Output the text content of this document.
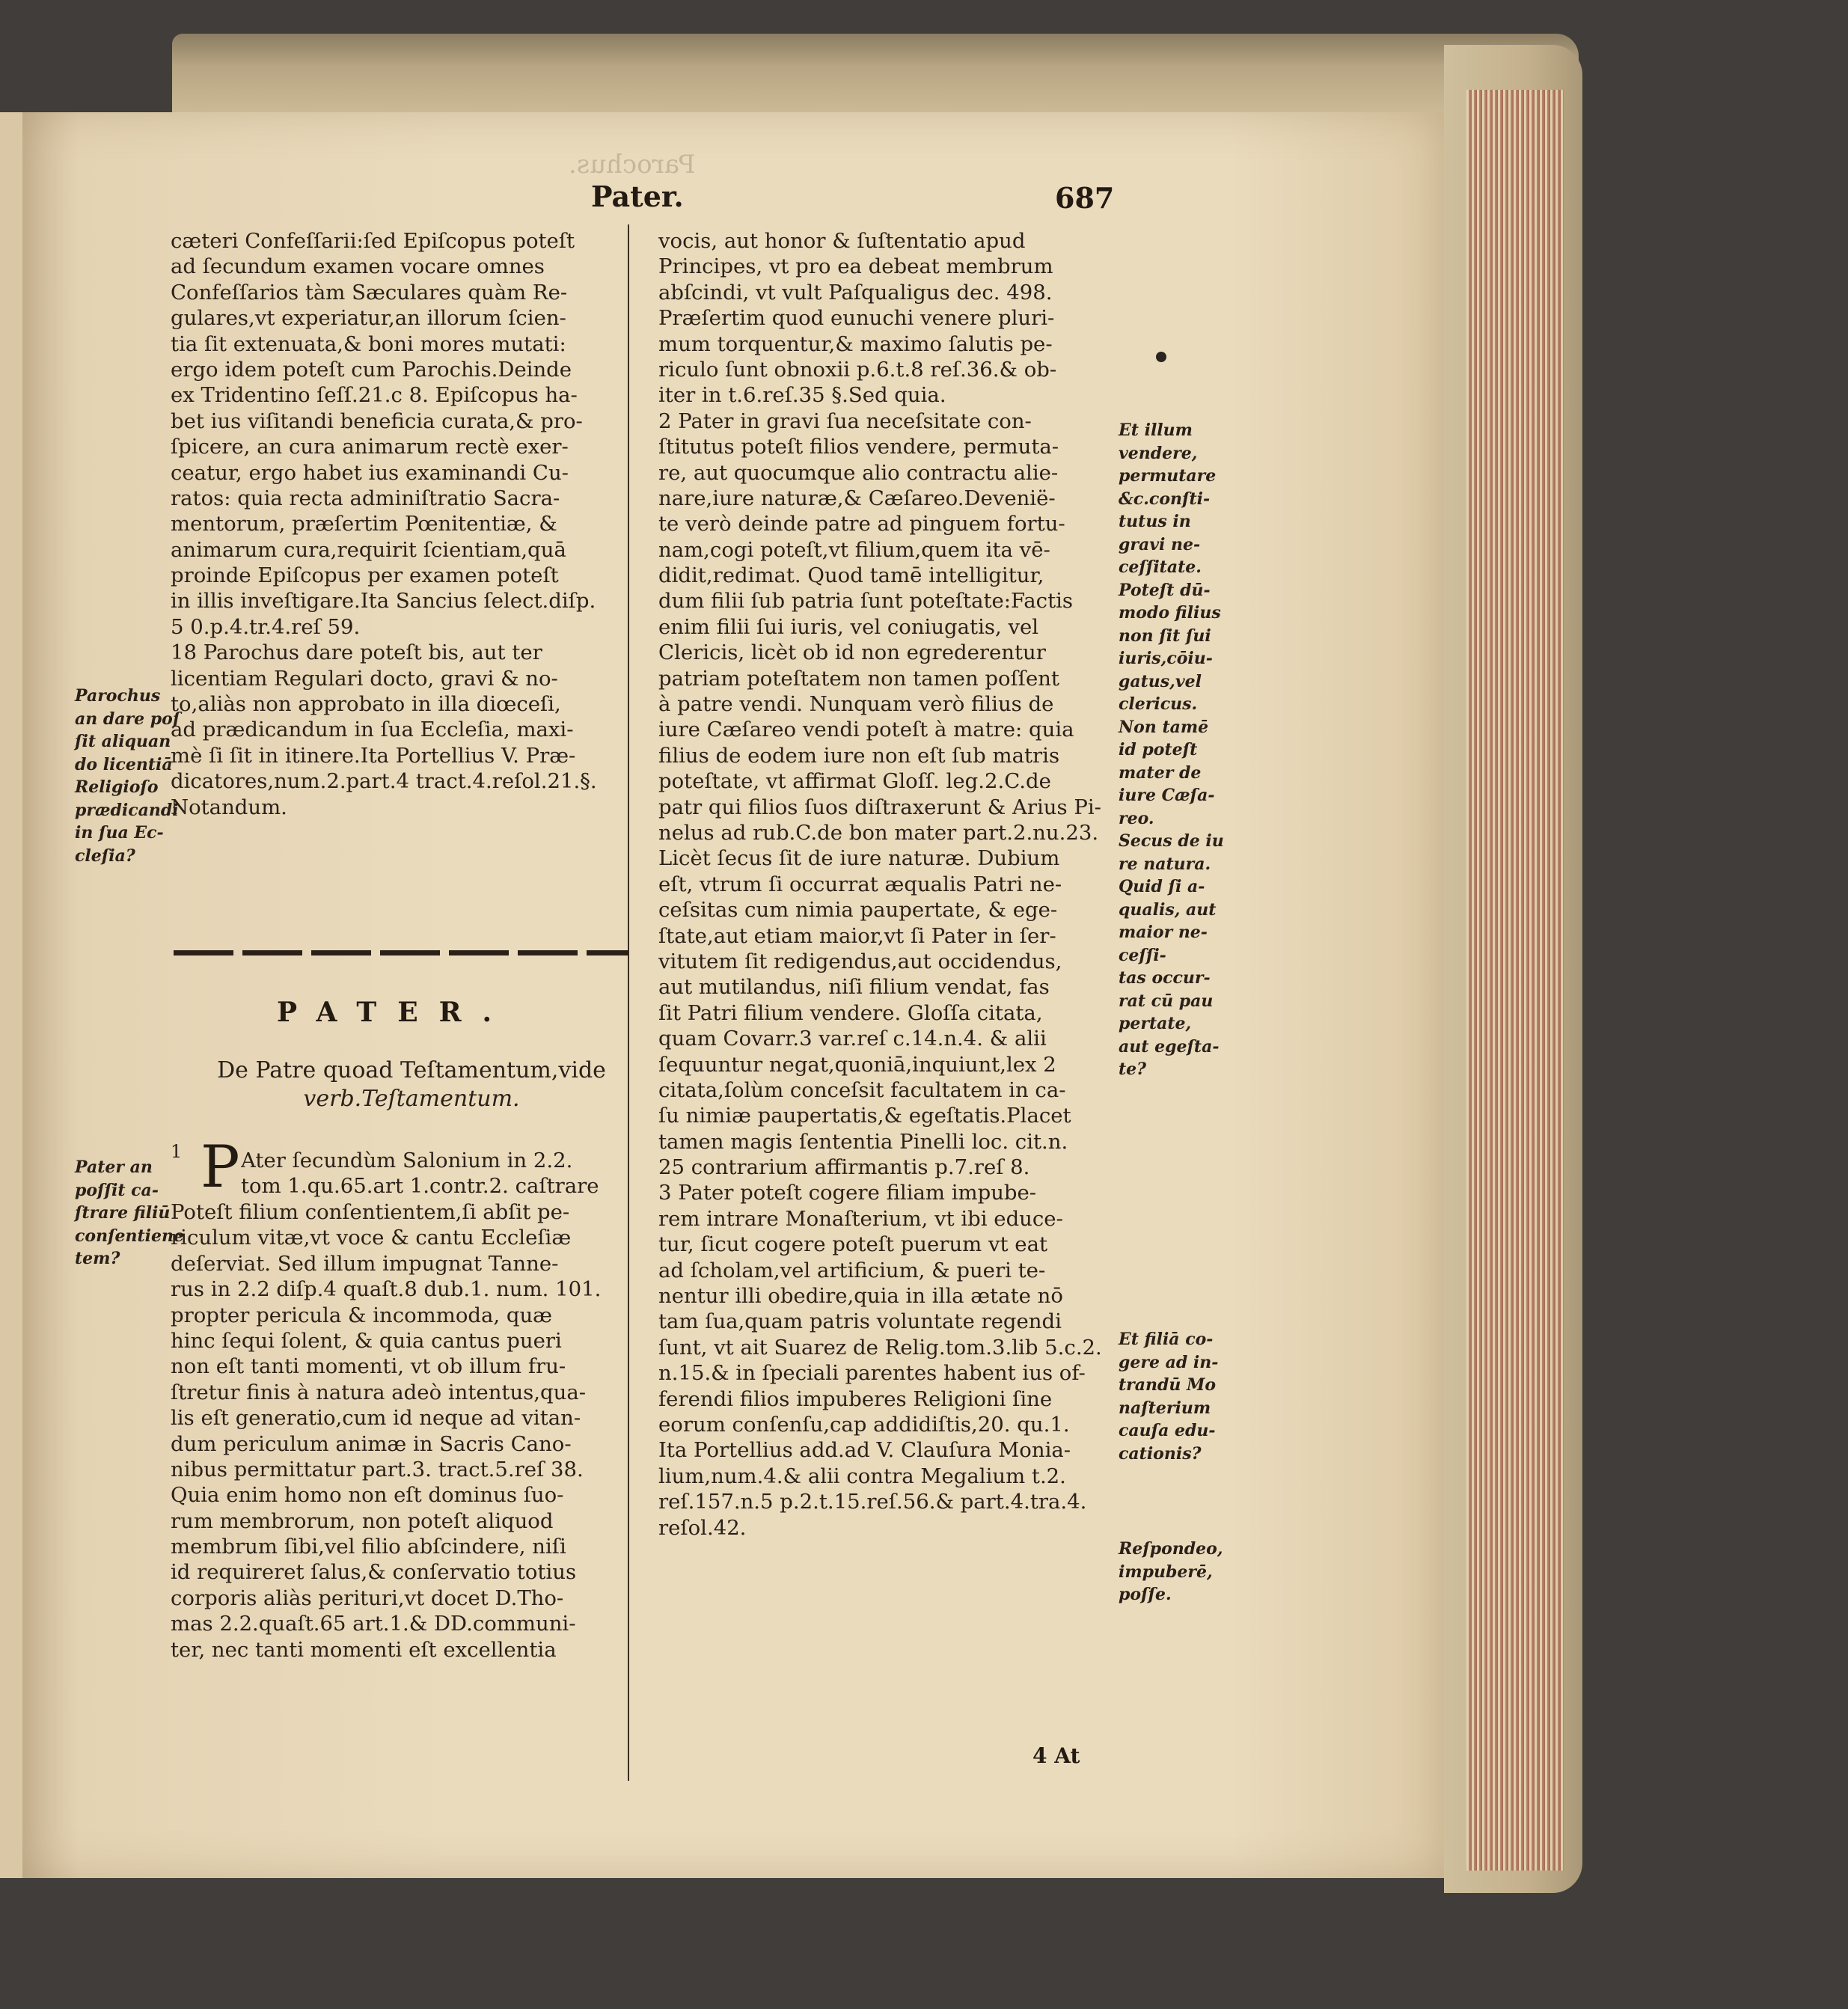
Parochus.
Pater.	687
cæteri Confeſſarii:ſed Epiſcopus poteſt
ad ſecundum examen vocare omnes
Confeſſarios tàm Sæculares quàm Re-
gulares,vt experiatur,an illorum ſcien-
tia ſit extenuata,& boni mores mutati:
ergo idem poteſt cum Parochis.Deinde
ex Tridentino ſeſſ.21.c 8. Epiſcopus ha-
bet ius viſitandi beneficia curata,& pro-
ſpicere, an cura animarum rectè exer-
ceatur, ergo habet ius examinandi Cu-
ratos: quia recta adminiſtratio Sacra-
mentorum, præſertim Pœnitentiæ, &
animarum cura,requirit ſcientiam,quā
proinde Epiſcopus per examen poteſt
in illis inveſtigare.Ita Sancius ſelect.diſp.
5 0.p.4.tr.4.reſ 59.
18 Parochus dare poteſt bis, aut ter
licentiam Regulari docto, gravi & no-
to,aliàs non approbato in illa diœceſi,
ad prædicandum in ſua Eccleſia, maxi-
mè ſi ſit in itinere.Ita Portellius V. Præ-
dicatores,num.2.part.4 tract.4.reſol.21.§.
Notandum.
PATER.
De Patre quoad Teſtamentum,vide
verb.Teſtamentum.
1 P Ater ſecundùm Salonium in 2.2.
tom 1.qu.65.art 1.contr.2. caſtrare
Poteſt filium conſentientem,ſi abſit pe-
riculum vitæ,vt voce & cantu Eccleſiæ
deſerviat. Sed illum impugnat Tanne-
rus in 2.2 diſp.4 quaſt.8 dub.1. num. 101.
propter pericula & incommoda, quæ
hinc ſequi ſolent, & quia cantus pueri
non eſt tanti momenti, vt ob illum fru-
ſtretur finis à natura adeò intentus,qua-
lis eſt generatio,cum id neque ad vitan-
dum periculum animæ in Sacris Cano-
nibus permittatur part.3. tract.5.reſ 38.
Quia enim homo non eſt dominus ſuo-
rum membrorum, non poteſt aliquod
membrum ſibi,vel filio abſcindere, niſi
id requireret ſalus,& conſervatio totius
corporis aliàs perituri,vt docet D.Tho-
mas 2.2.quaſt.65 art.1.& DD.communi-
ter, nec tanti momenti eſt excellentia
vocis, aut honor & ſuſtentatio apud
Principes, vt pro ea debeat membrum
abſcindi, vt vult Paſqualigus dec. 498.
Præſertim quod eunuchi venere pluri-
mum torquentur,& maximo ſalutis pe-
riculo ſunt obnoxii p.6.t.8 reſ.36.& ob-
iter in t.6.reſ.35 §.Sed quia.
2 Pater in gravi ſua neceſsitate con-
ſtitutus poteſt filios vendere, permuta-
re, aut quocumque alio contractu alie-
nare,iure naturæ,& Cæſareo.Devenië-
te verò deinde patre ad pinguem fortu-
nam,cogi poteſt,vt filium,quem ita vē-
didit,redimat. Quod tamē intelligitur,
dum filii ſub patria ſunt poteſtate:Factis
enim filii ſui iuris, vel coniugatis, vel
Clericis, licèt ob id non egrederentur
patriam poteſtatem non tamen poſſent
à patre vendi. Nunquam verò filius de
iure Cæſareo vendi poteſt à matre: quia
filius de eodem iure non eſt ſub matris
poteſtate, vt affirmat Gloſſ. leg.2.C.de
patr qui filios ſuos diſtraxerunt & Arius Pi-
nelus ad rub.C.de bon mater part.2.nu.23.
Licèt ſecus ſit de iure naturæ. Dubium
eſt, vtrum ſi occurrat æqualis Patri ne-
ceſsitas cum nimia paupertate, & ege-
ſtate,aut etiam maior,vt ſi Pater in ſer-
vitutem ſit redigendus,aut occidendus,
aut mutilandus, niſi filium vendat, fas
ſit Patri filium vendere. Gloſſa citata,
quam Covarr.3 var.reſ c.14.n.4. & alii
ſequuntur negat,quoniā,inquiunt,lex 2
citata,ſolùm conceſsit facultatem in ca-
ſu nimiæ paupertatis,& egeſtatis.Placet
tamen magis ſententia Pinelli loc. cit.n.
25 contrarium affirmantis p.7.reſ 8.
3 Pater poteſt cogere filiam impube-
rem intrare Monaſterium, vt ibi educe-
tur, ſicut cogere poteſt puerum vt eat
ad ſcholam,vel artificium, & pueri te-
nentur illi obedire,quia in illa ætate nō
tam ſua,quam patris voluntate regendi
ſunt, vt ait Suarez de Relig.tom.3.lib 5.c.2.
n.15.& in ſpeciali parentes habent ius of-
ferendi filios impuberes Religioni ſine
eorum conſenſu,cap addidiſtis,20. qu.1.
Ita Portellius add.ad V. Clauſura Monia-
lium,num.4.& alii contra Megalium t.2.
reſ.157.n.5 p.2.t.15.reſ.56.& part.4.tra.4.
reſol.42.
4 At
Parochus
an dare poſ
ſit aliquan
do licentiā
Religioſo
prædicandi
in ſua Ec-
cleſia?
Pater an
poſſit ca-
ſtrare filiū
conſentiene
tem?
Et illum
vendere,
permutare
&c.conſti-
tutus in
gravi ne-
ceſſitate.
Poteſt dū-
modo filius
non ſit ſui
iuris,cōiu-
gatus,vel
clericus.
Non tamē
id poteſt
mater de
iure Cæſa-
reo.
Secus de iu
re natura.
Quid ſi a-
qualis, aut
maior ne-
ceſſi-
tas occur-
rat cū pau
pertate,
aut egeſta-
te?
Et filiā co-
gere ad in-
trandū Mo
naſterium
cauſa edu-
cationis?
Reſpondeo,
impuberē,
poſſe.
